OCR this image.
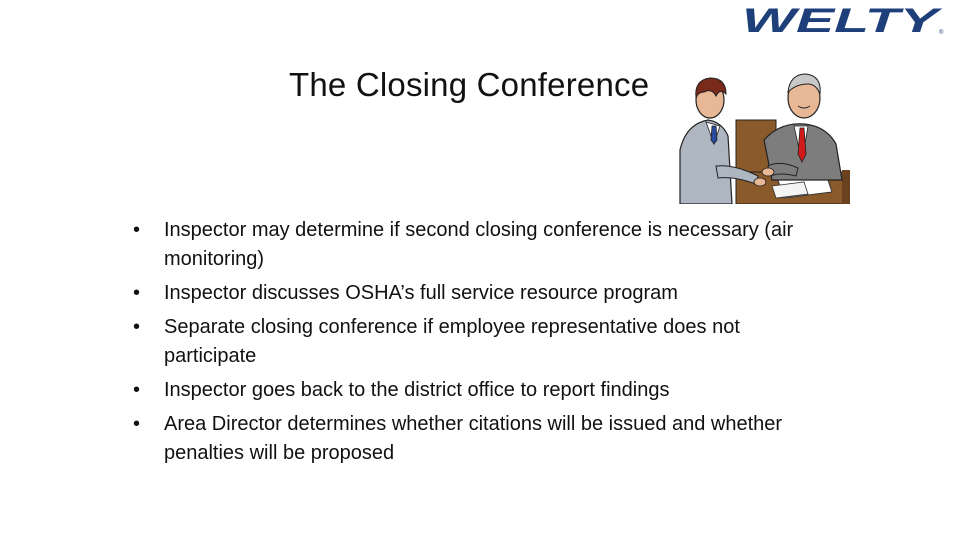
WELTY
®
The Closing Conference
•	Inspector may determine if second closing conference is necessary (air monitoring)
•	Inspector discusses OSHA’s full service resource program
•	Separate closing conference if employee representative does not participate
•	Inspector goes back to the district office to report findings
•	Area Director determines whether citations will be issued and whether penalties will be proposed
